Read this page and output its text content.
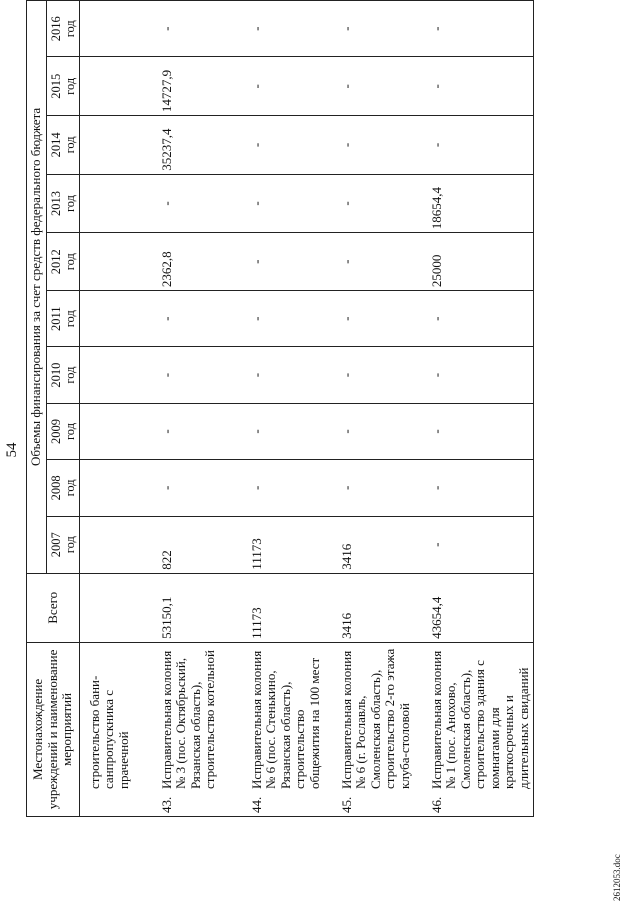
54
Местонахождение учреждений и наименование мероприятий	Всего	Объемы финансирования за счет средств федерального бюджета									

		2007 год	2008 год	2009 год	2010 год	2011 год	2012 год	2013 год	2014 год	2015 год	2016 год

строительство бани-санпропускника с прачечной											

43.
Исправительная колония № 3 (пос. Октябрьский, Рязанская область), строительство котельной	53150,1	822	-	-	-	-	2362,8	-	35237,4	14727,9	-

44.
Исправительная колония № 6 (пос. Стенькино, Рязанская область), строительство общежития на 100 мест	11173	11173	-	-	-	-	-	-	-	-	-

45.
Исправительная колония № 6 (г. Рославль, Смоленская область), строительство 2-го этажа клуба-столовой	3416	3416	-	-	-	-	-	-	-	-	-

46.
Исправительная колония № 1 (пос. Анохово, Смоленская область), строительство здания с комнатами для краткосрочных и длительных свиданий	43654,4	-	-	-	-	-	25000	18654,4	-	-	-
2612053.doc
